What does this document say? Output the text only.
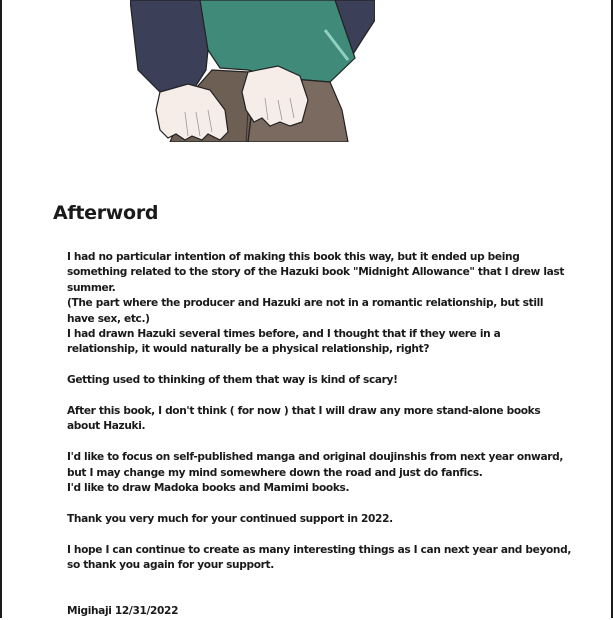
Afterword
I had no particular intention of making this book this way, but it ended up being
something related to the story of the Hazuki book "Midnight Allowance" that I drew last
summer.
(The part where the producer and Hazuki are not in a romantic relationship, but still
have sex, etc.)
I had drawn Hazuki several times before, and I thought that if they were in a
relationship, it would naturally be a physical relationship, right?
Getting used to thinking of them that way is kind of scary!
After this book, I don't think ( for now ) that I will draw any more stand-alone books
about Hazuki.
I'd like to focus on self-published manga and original doujinshis from next year onward,
but I may change my mind somewhere down the road and just do fanfics.
I'd like to draw Madoka books and Mamimi books.
Thank you very much for your continued support in 2022.
I hope I can continue to create as many interesting things as I can next year and beyond,
so thank you again for your support.
Migihaji 12/31/2022
